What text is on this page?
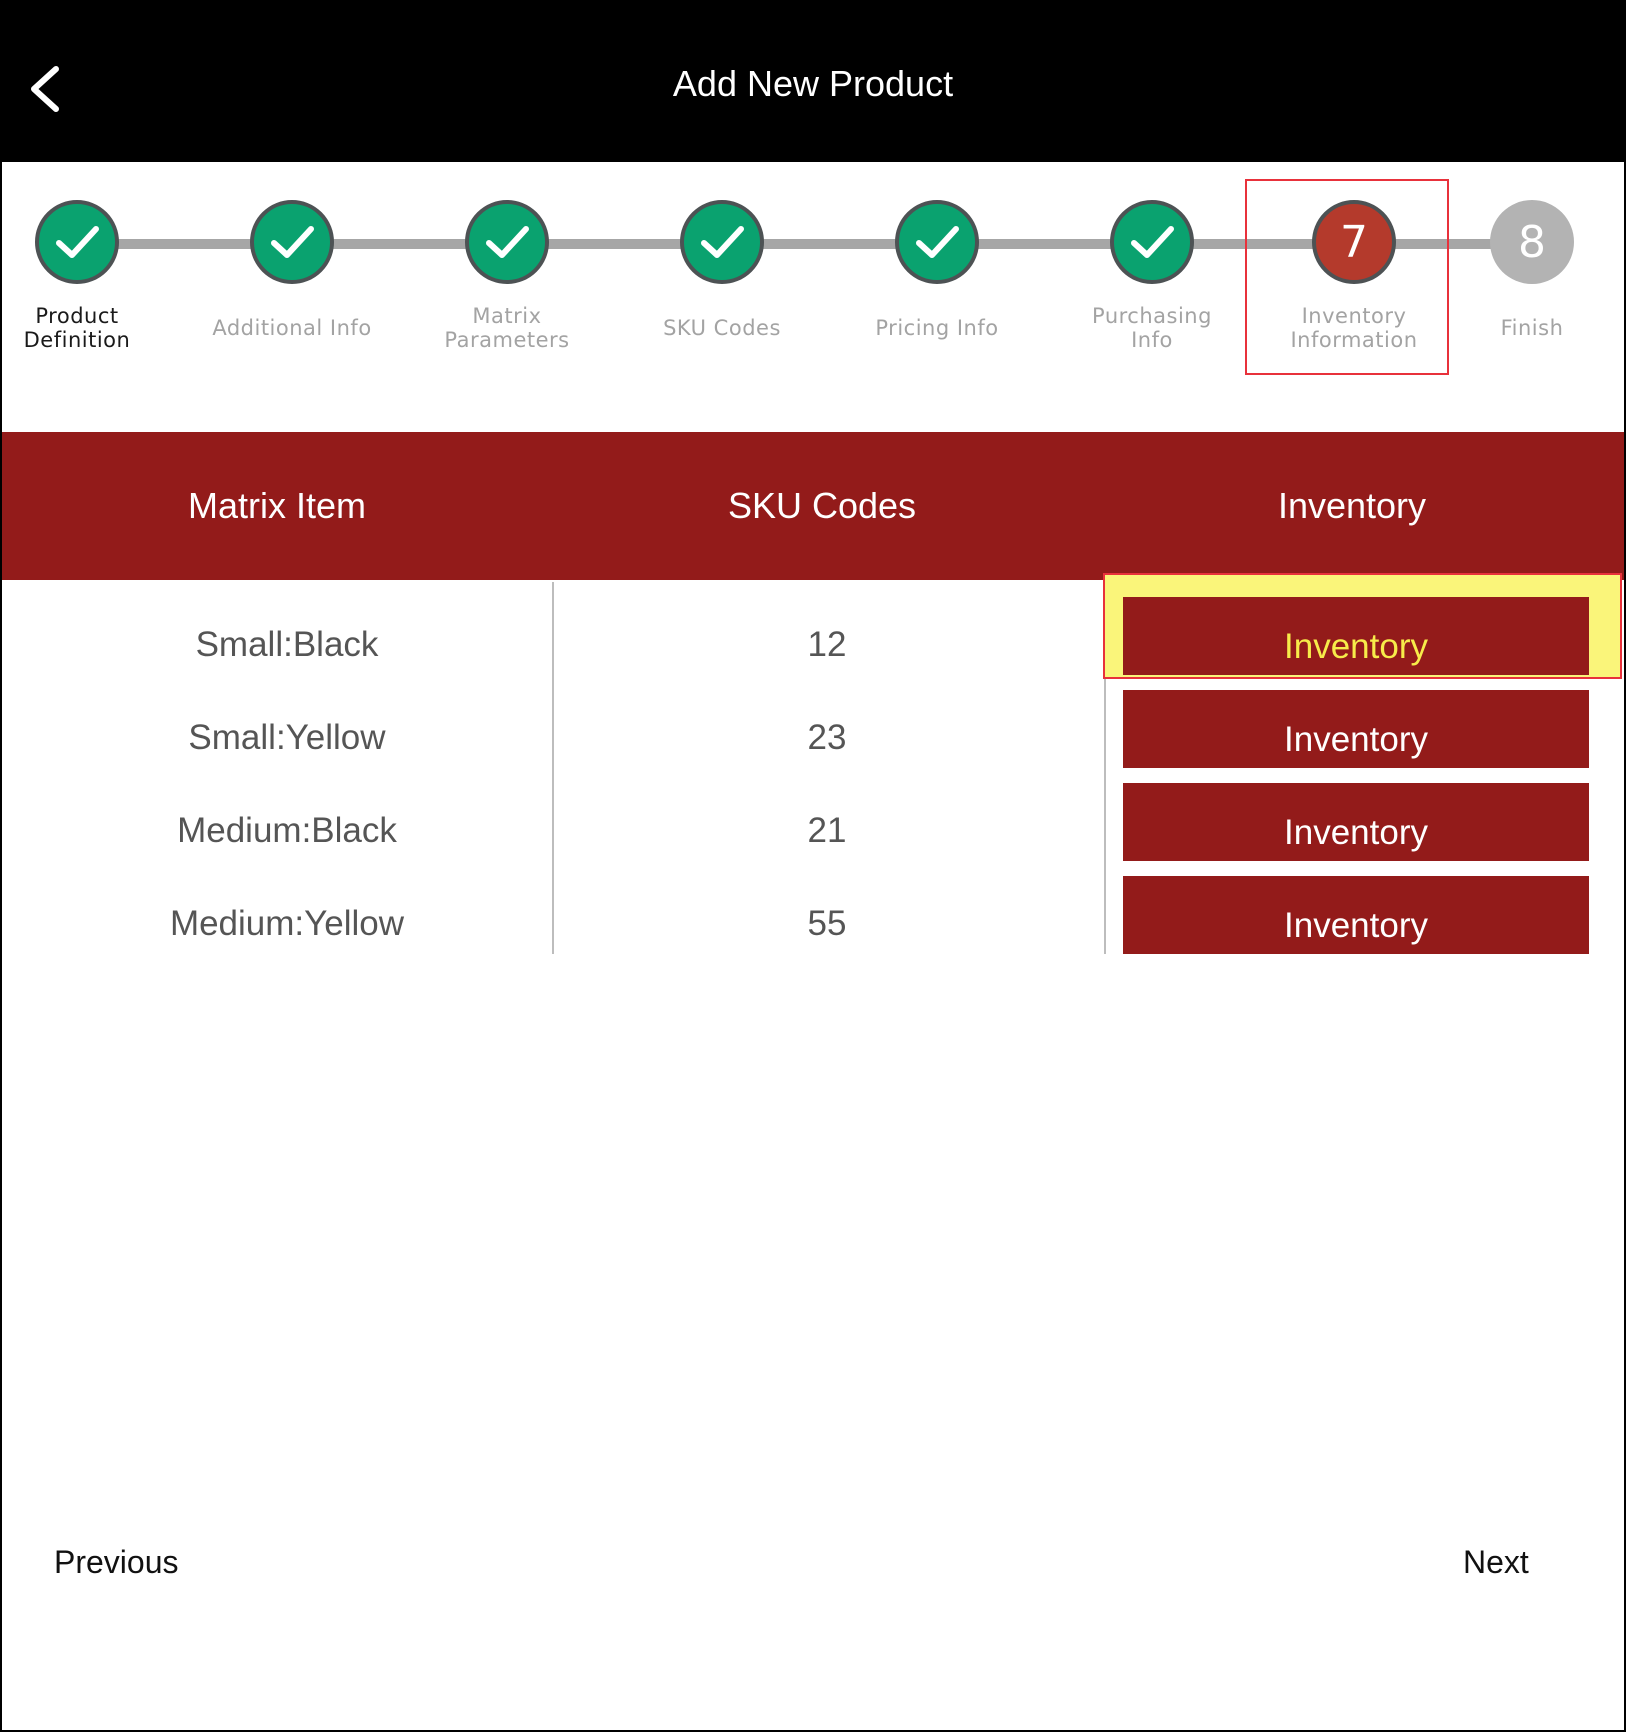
Add New Product
Product
Definition	Additional Info	Matrix
Parameters	SKU Codes	Pricing Info	Purchasing
Info
7
Inventory
Information
8
Finish
Matrix Item	SKU Codes	Inventory
Small:Black	12	Inventory
Small:Yellow	23	Inventory
Medium:Black	21	Inventory
Medium:Yellow	55	Inventory
Previous	Next
